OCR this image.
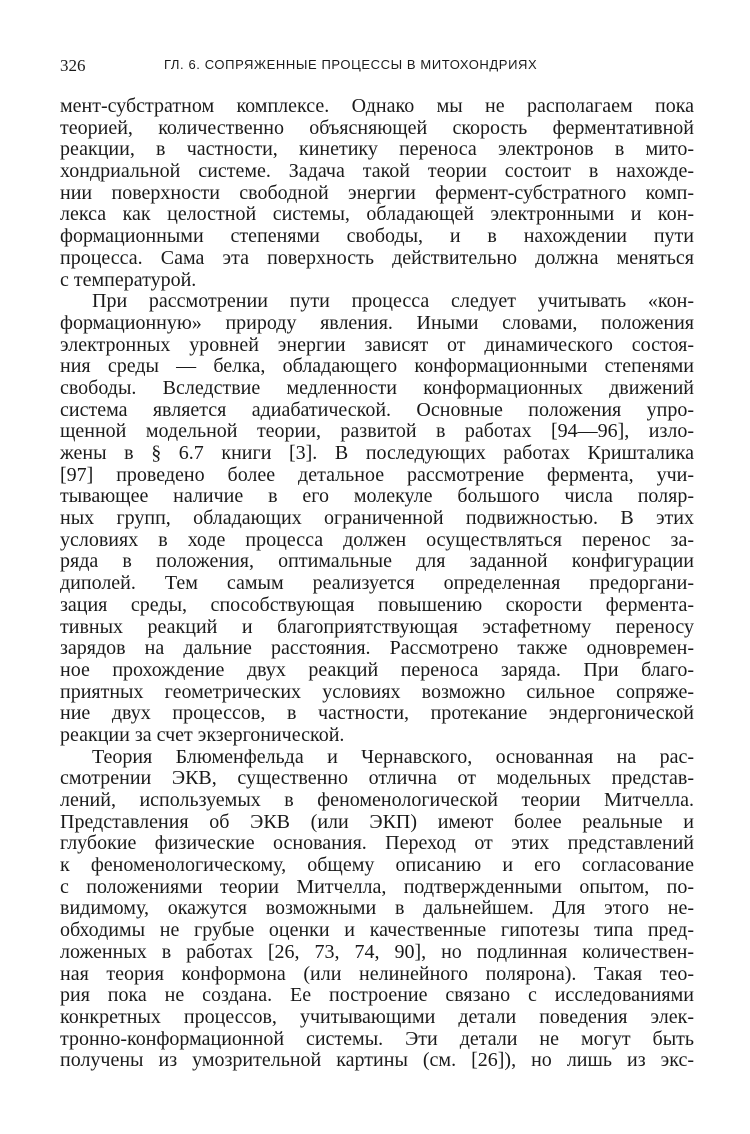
326	ГЛ. 6. СОПРЯЖЕННЫЕ ПРОЦЕССЫ В МИТОХОНДРИЯХ
мент-субстратном комплексе. Однако мы не располагаем пока
теорией, количественно объясняющей скорость ферментативной
реакции, в частности, кинетику переноса электронов в мито-
хондриальной системе. Задача такой теории состоит в нахожде-
нии поверхности свободной энергии фермент-субстратного комп-
лекса как целостной системы, обладающей электронными и кон-
формационными степенями свободы, и в нахождении пути
процесса. Сама эта поверхность действительно должна меняться
с температурой.
При рассмотрении пути процесса следует учитывать «кон-
формационную» природу явления. Иными словами, положения
электронных уровней энергии зависят от динамического состоя-
ния среды — белка, обладающего конформационными степенями
свободы. Вследствие медленности конформационных движений
система является адиабатической. Основные положения упро-
щенной модельной теории, развитой в работах [94—96], изло-
жены в § 6.7 книги [3]. В последующих работах Кришталика
[97] проведено более детальное рассмотрение фермента, учи-
тывающее наличие в его молекуле большого числа поляр-
ных групп, обладающих ограниченной подвижностью. В этих
условиях в ходе процесса должен осуществляться перенос за-
ряда в положения, оптимальные для заданной конфигурации
диполей. Тем самым реализуется определенная предоргани-
зация среды, способствующая повышению скорости фермента-
тивных реакций и благоприятствующая эстафетному переносу
зарядов на дальние расстояния. Рассмотрено также одновремен-
ное прохождение двух реакций переноса заряда. При благо-
приятных геометрических условиях возможно сильное сопряже-
ние двух процессов, в частности, протекание эндергонической
реакции за счет экзергонической.
Теория Блюменфельда и Чернавского, основанная на рас-
смотрении ЭКВ, существенно отлична от модельных представ-
лений, используемых в феноменологической теории Митчелла.
Представления об ЭКВ (или ЭКП) имеют более реальные и
глубокие физические основания. Переход от этих представлений
к феноменологическому, общему описанию и его согласование
с положениями теории Митчелла, подтвержденными опытом, по-
видимому, окажутся возможными в дальнейшем. Для этого не-
обходимы не грубые оценки и качественные гипотезы типа пред-
ложенных в работах [26, 73, 74, 90], но подлинная количествен-
ная теория конформона (или нелинейного полярона). Такая тео-
рия пока не создана. Ее построение связано с исследованиями
конкретных процессов, учитывающими детали поведения элек-
тронно-конформационной системы. Эти детали не могут быть
получены из умозрительной картины (см. [26]), но лишь из экс-
